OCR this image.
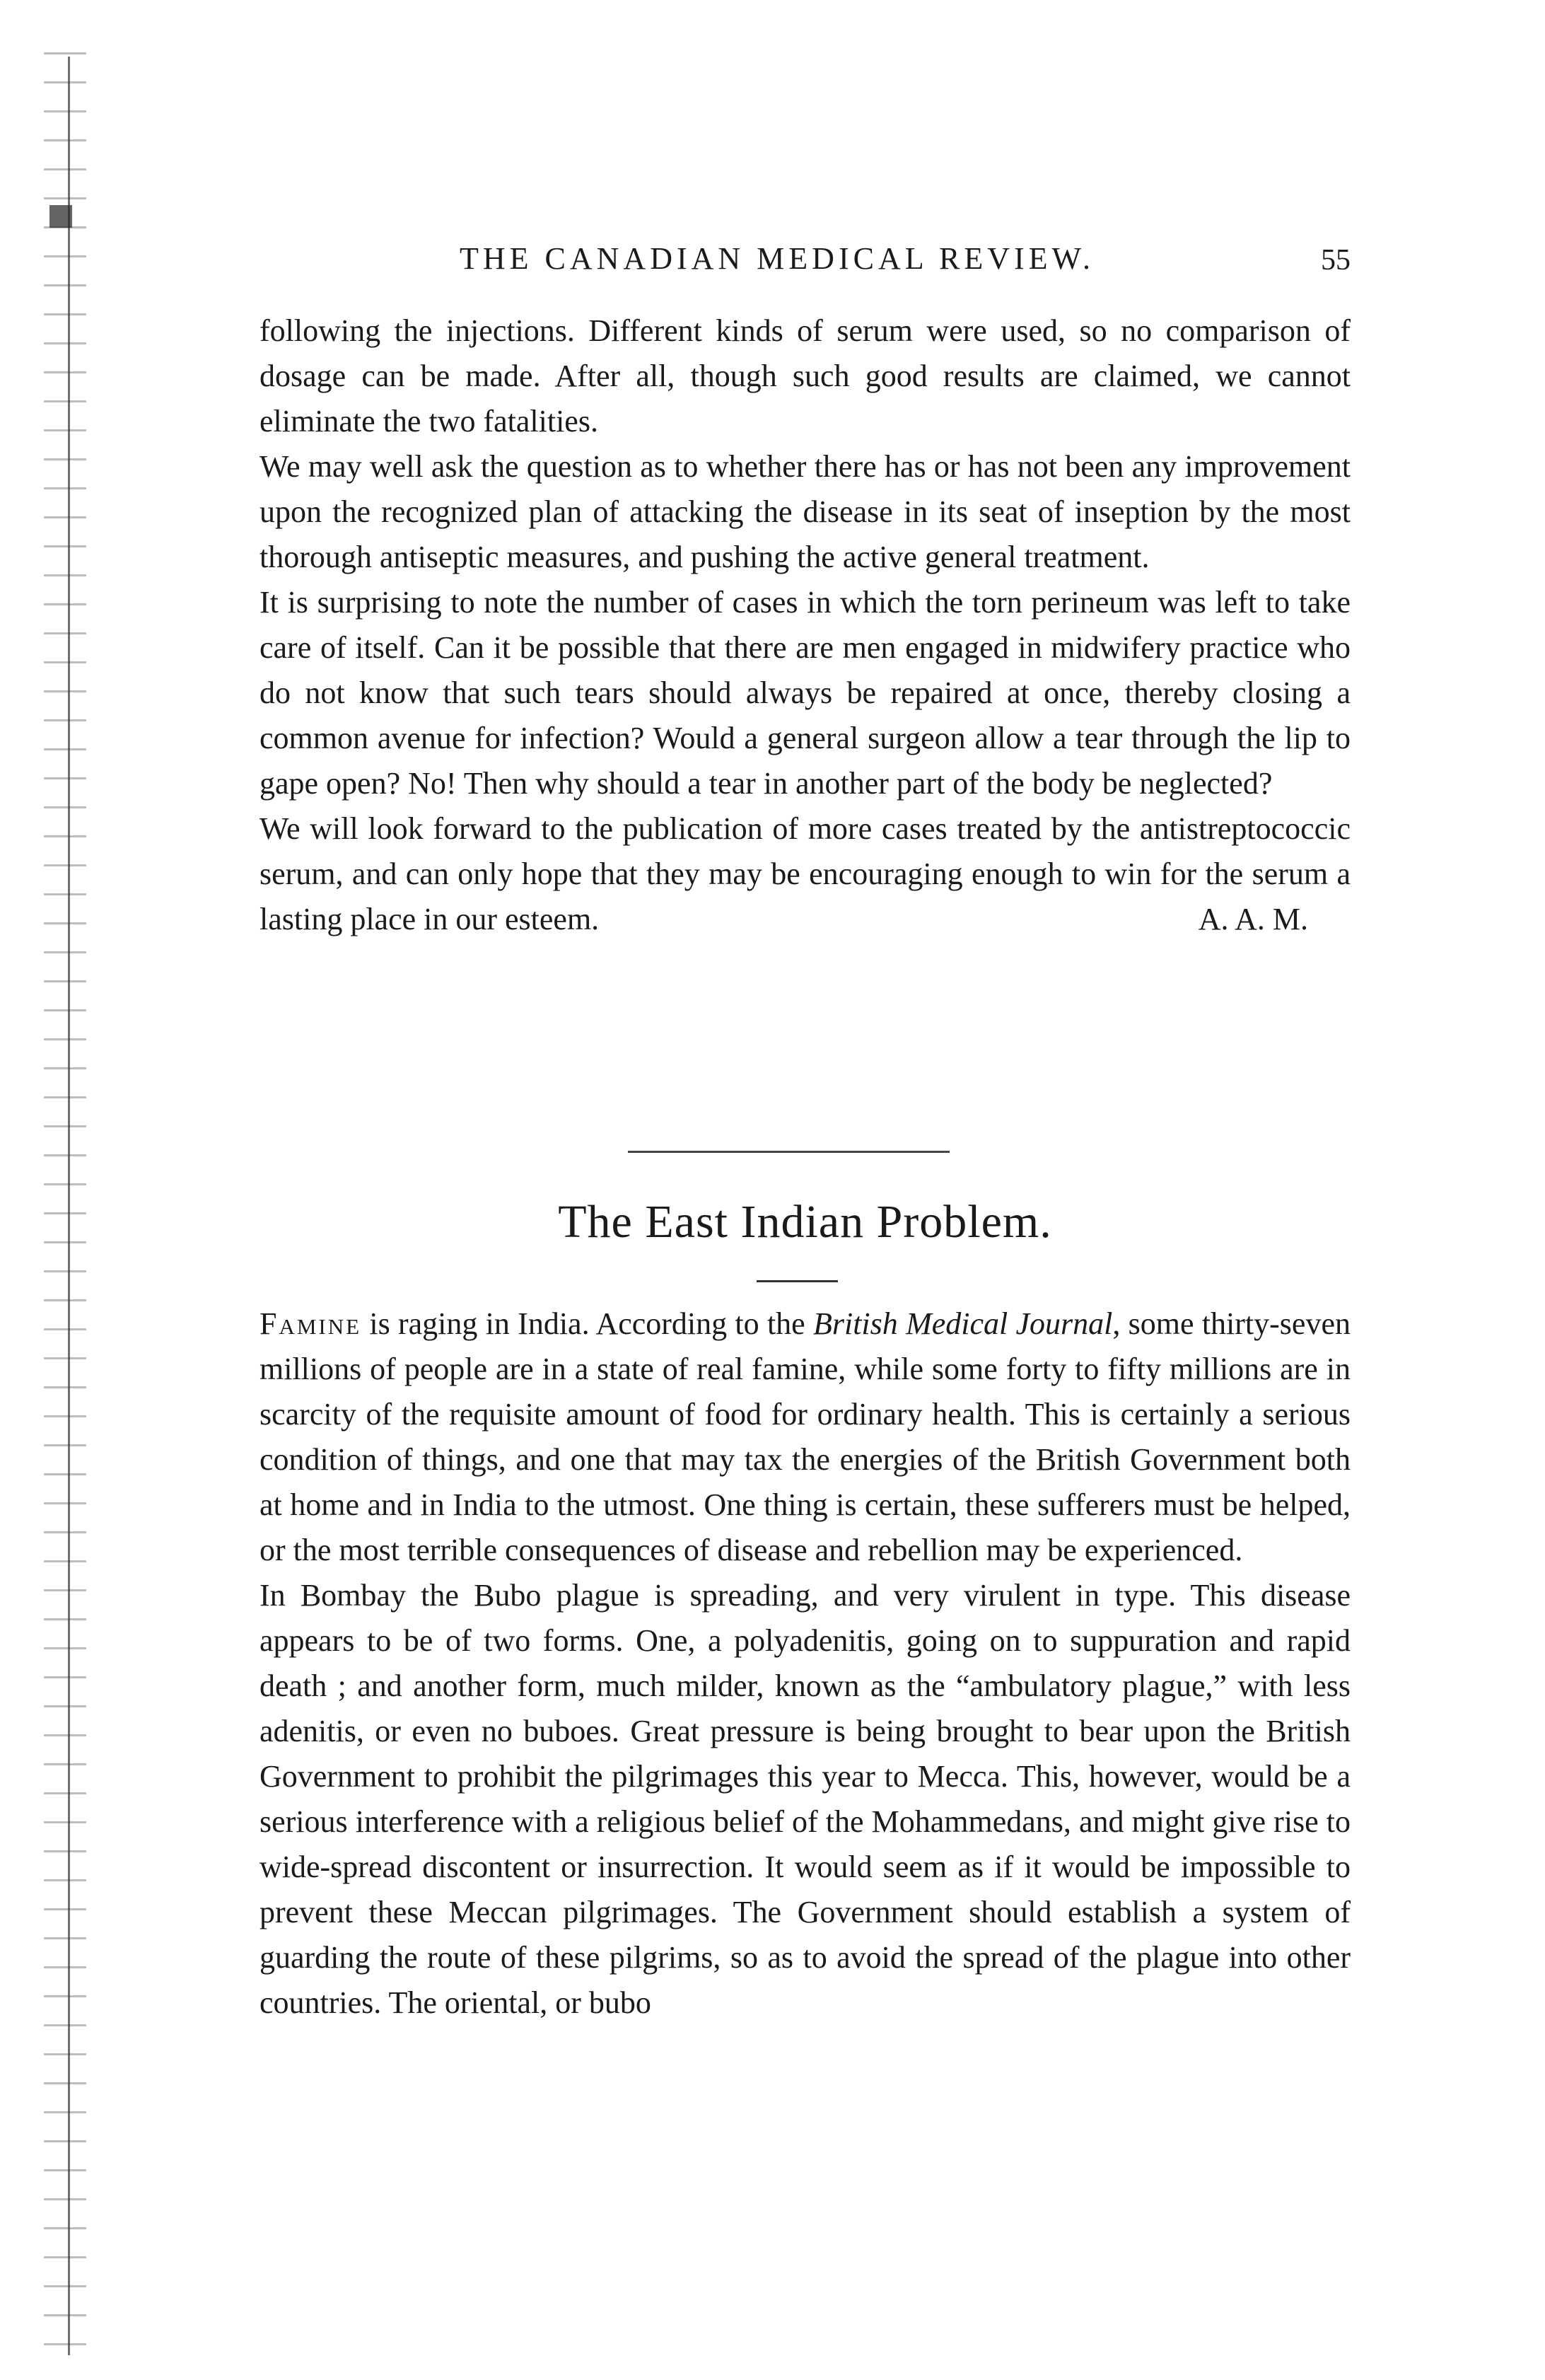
THE CANADIAN MEDICAL REVIEW.	55

following the injections. Different kinds of serum were used, so no comparison of dosage can be made. After all, though such good results are claimed, we cannot eliminate the two fatalities.

We may well ask the question as to whether there has or has not been any improvement upon the recognized plan of attacking the disease in its seat of inseption by the most thorough antiseptic measures, and pushing the active general treatment.

It is surprising to note the number of cases in which the torn perineum was left to take care of itself. Can it be possible that there are men engaged in midwifery practice who do not know that such tears should always be repaired at once, thereby closing a common avenue for infection? Would a general surgeon allow a tear through the lip to gape open? No! Then why should a tear in another part of the body be neglected?

We will look forward to the publication of more cases treated by the antistreptococcic serum, and can only hope that they may be encouraging enough to win for the serum a lasting place in our esteem.	A. A. M.
The East Indian Problem.

Famine is raging in India. According to the British Medical Journal, some thirty-seven millions of people are in a state of real famine, while some forty to fifty millions are in scarcity of the requisite amount of food for ordinary health. This is certainly a serious condition of things, and one that may tax the energies of the British Government both at home and in India to the utmost. One thing is certain, these sufferers must be helped, or the most terrible consequences of disease and rebellion may be experienced.

In Bombay the Bubo plague is spreading, and very virulent in type. This disease appears to be of two forms. One, a polyadenitis, going on to suppuration and rapid death ; and another form, much milder, known as the “ambulatory plague,” with less adenitis, or even no buboes. Great pressure is being brought to bear upon the British Government to prohibit the pilgrimages this year to Mecca. This, however, would be a serious interference with a religious belief of the Mohammedans, and might give rise to wide-spread discontent or insurrection. It would seem as if it would be impossible to prevent these Meccan pilgrimages. The Government should establish a system of guarding the route of these pilgrims, so as to avoid the spread of the plague into other countries. The oriental, or bubo
